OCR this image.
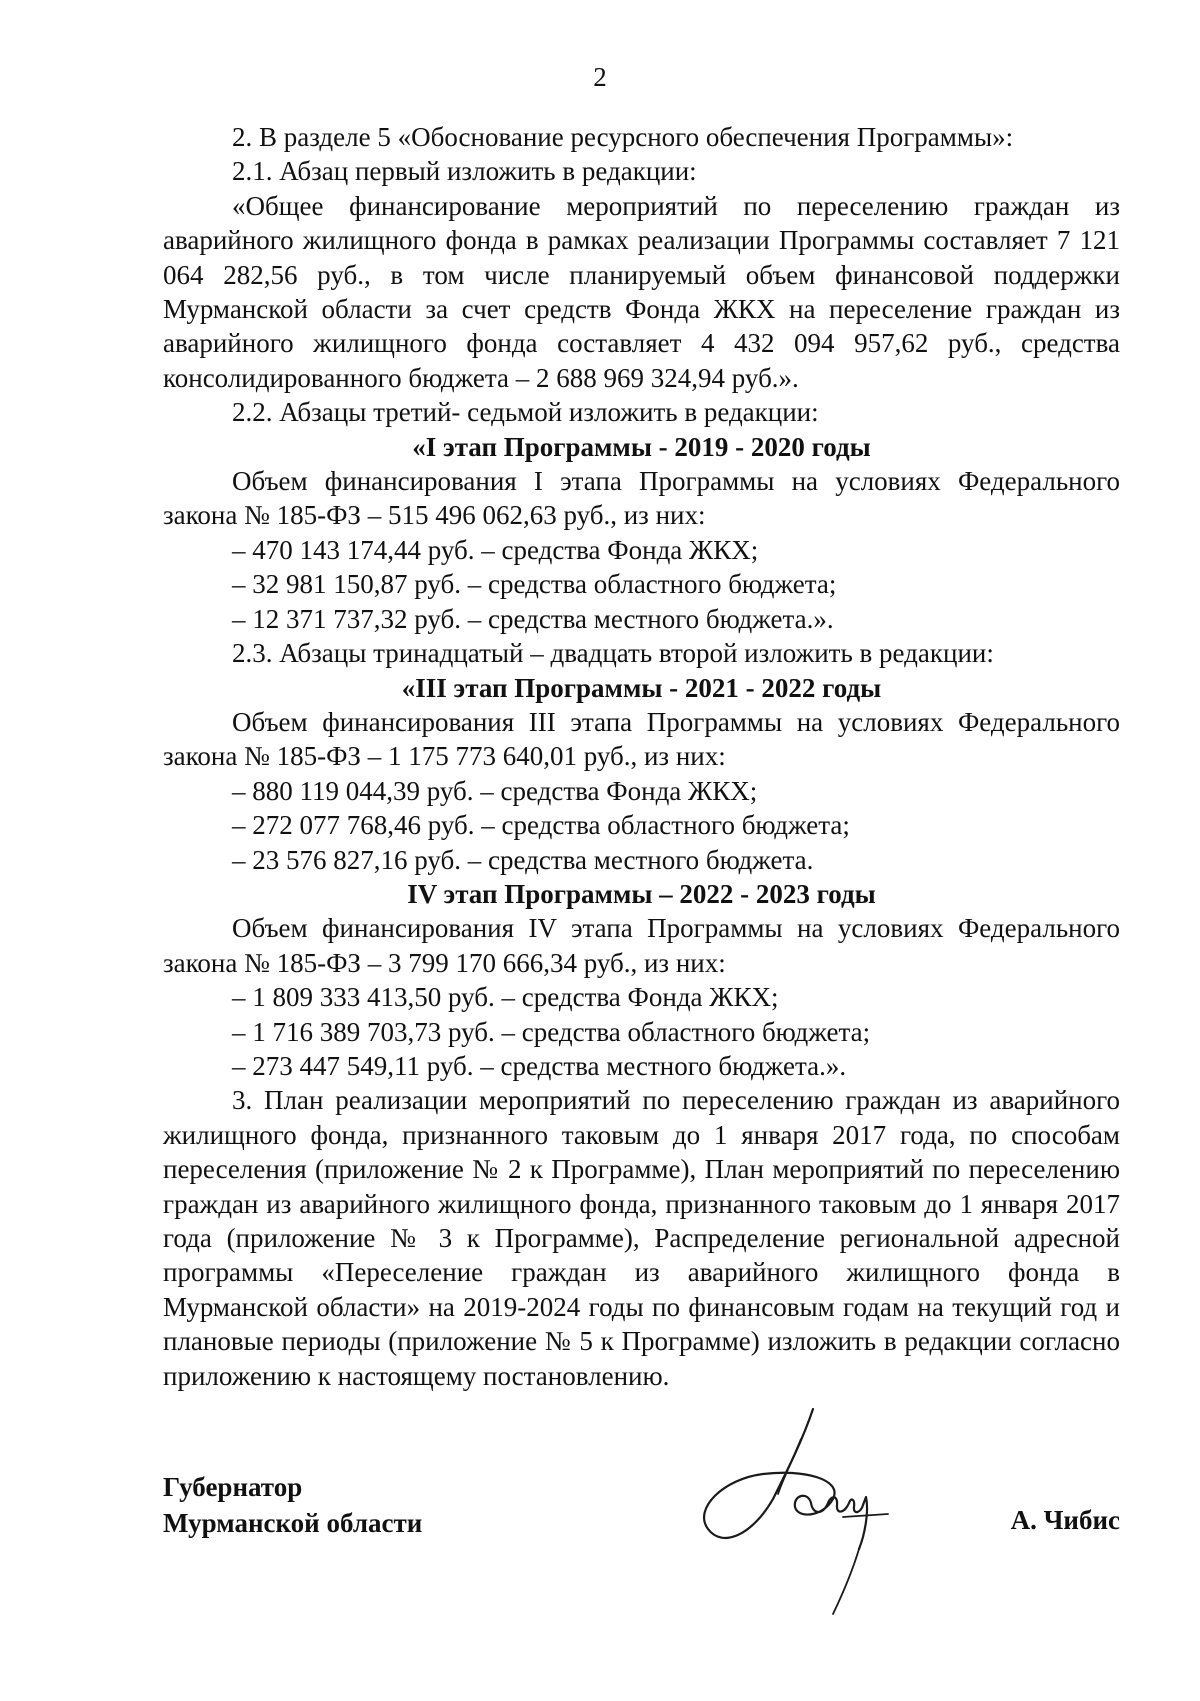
2

2. В разделе 5 «Обоснование ресурсного обеспечения Программы»:

2.1. Абзац первый изложить в редакции:

«Общее финансирование мероприятий по переселению граждан из аварийного жилищного фонда в рамках реализации Программы составляет 7 121 064 282,56 руб., в том числе планируемый объем финансовой поддержки Мурманской области за счет средств Фонда ЖКХ на переселение граждан из аварийного жилищного фонда составляет 4 432 094 957,62 руб., средства консолидированного бюджета – 2 688 969 324,94 руб.».

2.2. Абзацы третий- седьмой изложить в редакции:

«I этап Программы - 2019 - 2020 годы

Объем финансирования I этапа Программы на условиях Федерального закона № 185-ФЗ – 515 496 062,63 руб., из них:

– 470 143 174,44 руб. – средства Фонда ЖКХ;

– 32 981 150,87 руб. – средства областного бюджета;

– 12 371 737,32 руб. – средства местного бюджета.».

2.3. Абзацы тринадцатый – двадцать второй изложить в редакции:

«III этап Программы - 2021 - 2022 годы

Объем финансирования III этапа Программы на условиях Федерального закона № 185-ФЗ – 1 175 773 640,01 руб., из них:

– 880 119 044,39 руб. – средства Фонда ЖКХ;

– 272 077 768,46 руб. – средства областного бюджета;

– 23 576 827,16 руб. – средства местного бюджета.

IV этап Программы – 2022 - 2023 годы

Объем финансирования IV этапа Программы на условиях Федерального закона № 185-ФЗ – 3 799 170 666,34 руб., из них:

– 1 809 333 413,50 руб. – средства Фонда ЖКХ;

– 1 716 389 703,73 руб. – средства областного бюджета;

– 273 447 549,11 руб. – средства местного бюджета.».

3. План реализации мероприятий по переселению граждан из аварийного жилищного фонда, признанного таковым до 1 января 2017 года, по способам переселения (приложение № 2 к Программе), План мероприятий по переселению граждан из аварийного жилищного фонда, признанного таковым до 1 января 2017 года (приложение № 3 к Программе), Распределение региональной адресной программы «Переселение граждан из аварийного жилищного фонда в Мурманской области» на 2019-2024 годы по финансовым годам на текущий год и плановые периоды (приложение № 5 к Программе) изложить в редакции согласно приложению к настоящему постановлению.

Губернатор
Мурманской области	А. Чибис
